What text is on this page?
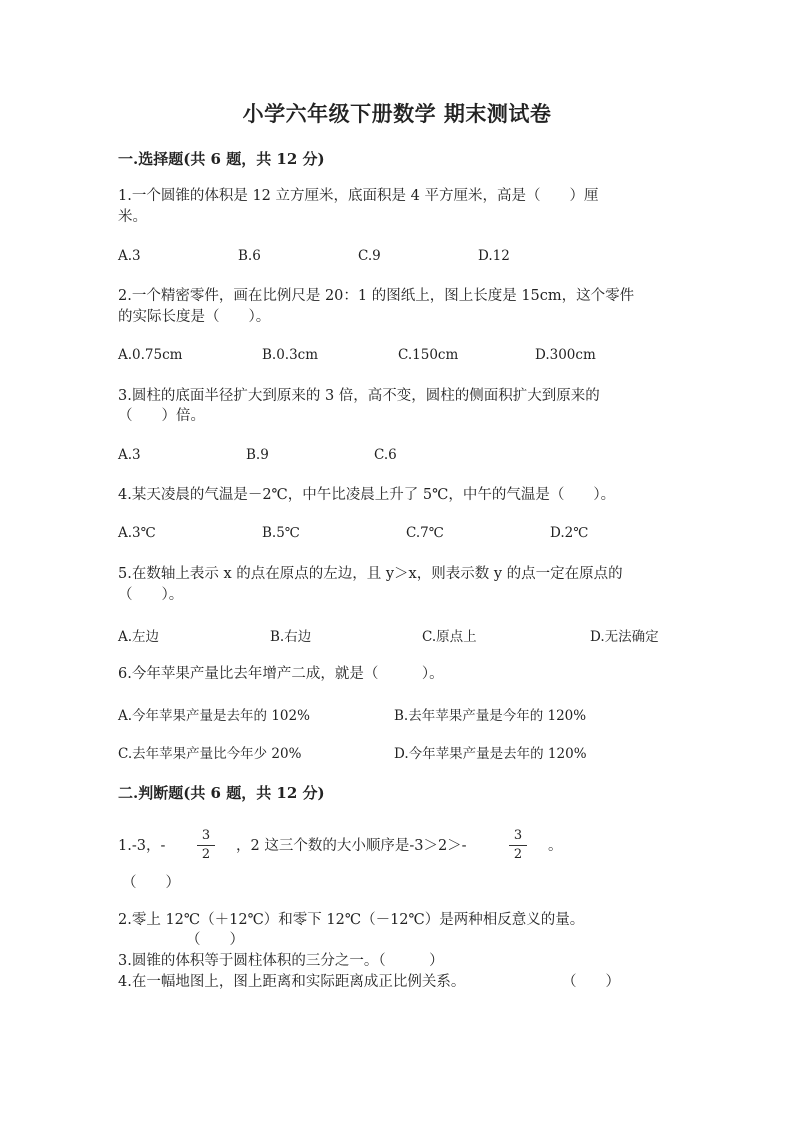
小学六年级下册数学 期末测试卷
一.选择题(共 6 题，共 12 分)
1.一个圆锥的体积是 12 立方厘米，底面积是 4 平方厘米，高是（　　）厘
米。
A.3	B.6	C.9	D.12
2.一个精密零件，画在比例尺是 20：1 的图纸上，图上长度是 15cm，这个零件
的实际长度是（　　）。
A.0.75cm	B.0.3cm	C.150cm	D.300cm
3.圆柱的底面半径扩大到原来的 3 倍，高不变，圆柱的侧面积扩大到原来的
（　　）倍。
A.3	B.9	C.6
4.某天凌晨的气温是－2℃，中午比凌晨上升了 5℃，中午的气温是（　　）。
A.3℃	B.5℃	C.7℃	D.2℃
5.在数轴上表示 x 的点在原点的左边，且 y＞x，则表示数 y 的点一定在原点的
（　　）。
A.左边	B.右边	C.原点上	D.无法确定
6.今年苹果产量比去年增产二成，就是（　　　）。
A.今年苹果产量是去年的 102%	B.去年苹果产量是今年的 120%
C.去年苹果产量比今年少 20%	D.今年苹果产量是去年的 120%
二.判断题(共 6 题，共 12 分)
1.-3，-
3
2
，2 这三个数的大小顺序是-3＞2＞-
3
2
。
（　　）
2.零上 12℃（＋12℃）和零下 12℃（－12℃）是两种相反意义的量。
（　　）
3.圆锥的体积等于圆柱体积的三分之一。（　　　）
4.在一幅地图上，图上距离和实际距离成正比例关系。	（　　）
